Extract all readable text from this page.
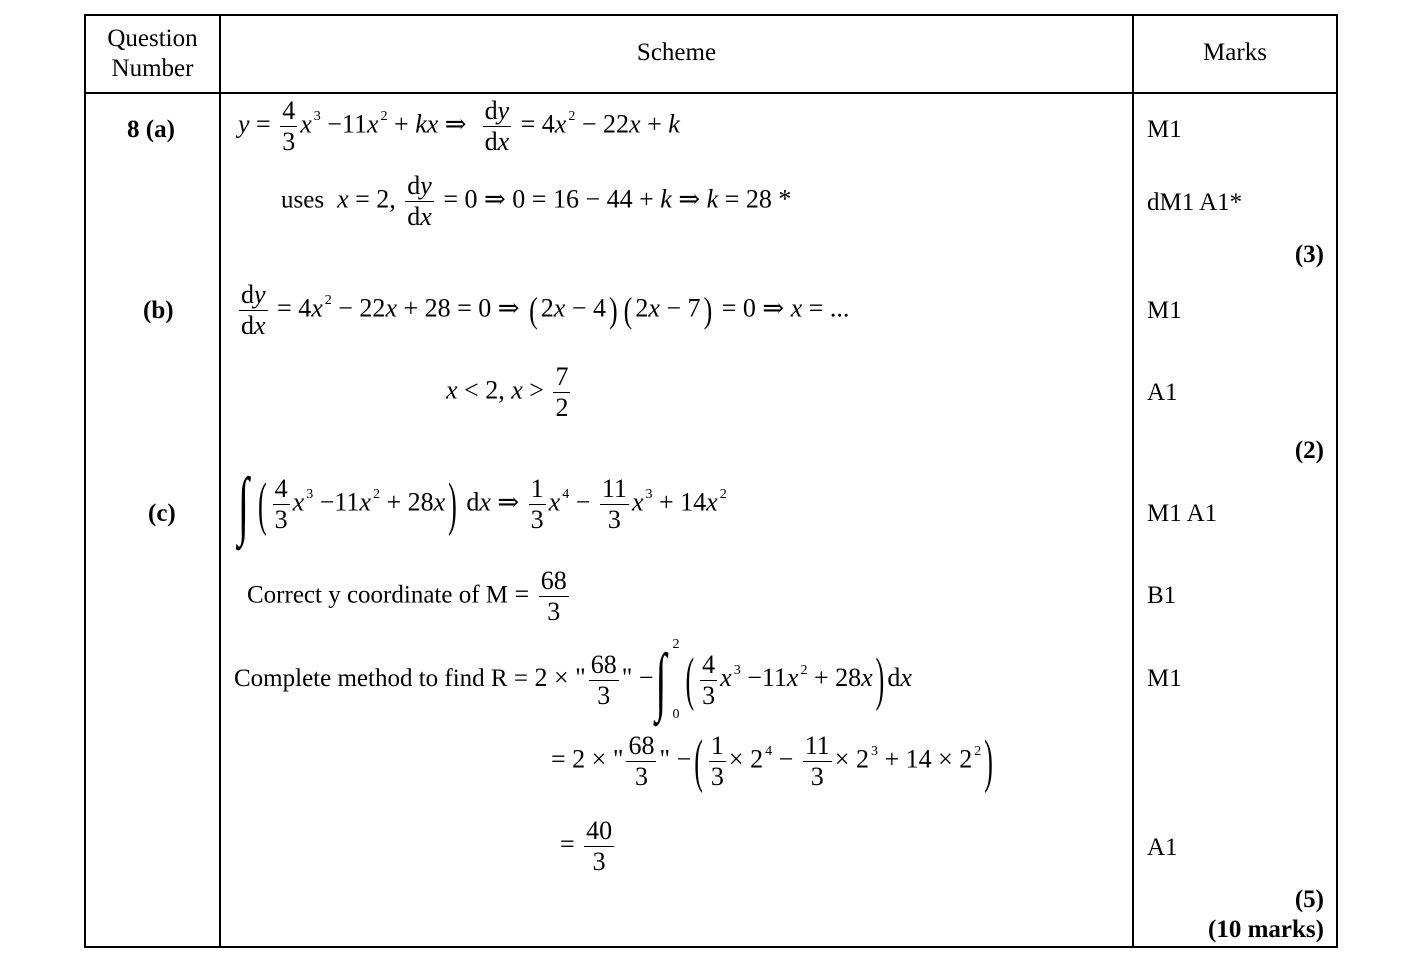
Question
Number
Scheme	Marks
8 (a)
(b)
(c)
$y = \frac{4}{3}$ x $^3$ −11x $^2$ + kx ⇒ $\frac{dy}{dx} = 4x$ $^2$ − 22x + k
uses x = 2, $\frac{dy}{dx} = 0$ ⇒ 0 = 16 − 44 + k ⇒ k = 28 *
$\frac{dy}{dx} = 4x$ $^2$ − 22x + 28 = 0 ⇒ ( 2x − 4 ) ( 2x − 7 ) = 0 ⇒ x = ...
x < 2, $x > \frac{7}{2}$
∫ ( $\frac{4}{3}$ x $^3$ −11x $^2$ + 28x ) dx ⇒ $\frac{1}{3}$ x $^4 - \frac{11}{3}$ x $^3$ + 14x $^2$
Correct y coordinate of $M = \frac{68}{3}$
Complete method to find R = 2 × " $\frac{68}{3}$ " −∫ 2
0
( $\frac{4}{3}$ x $^3$ −11x $^2$ + 28x ) dx
= 2 × " $\frac{68}{3}$ " − ( $\frac{1}{3} \times 2$ $^4 - \frac{11}{3} \times 2$ $^3$ + 14 × 2 $^2$ )
= $\frac{40}{3}$
M1
dM1 A1*
(3)
M1
A1
(2)
M1 A1
B1
M1
A1
(5)
(10 marks)
